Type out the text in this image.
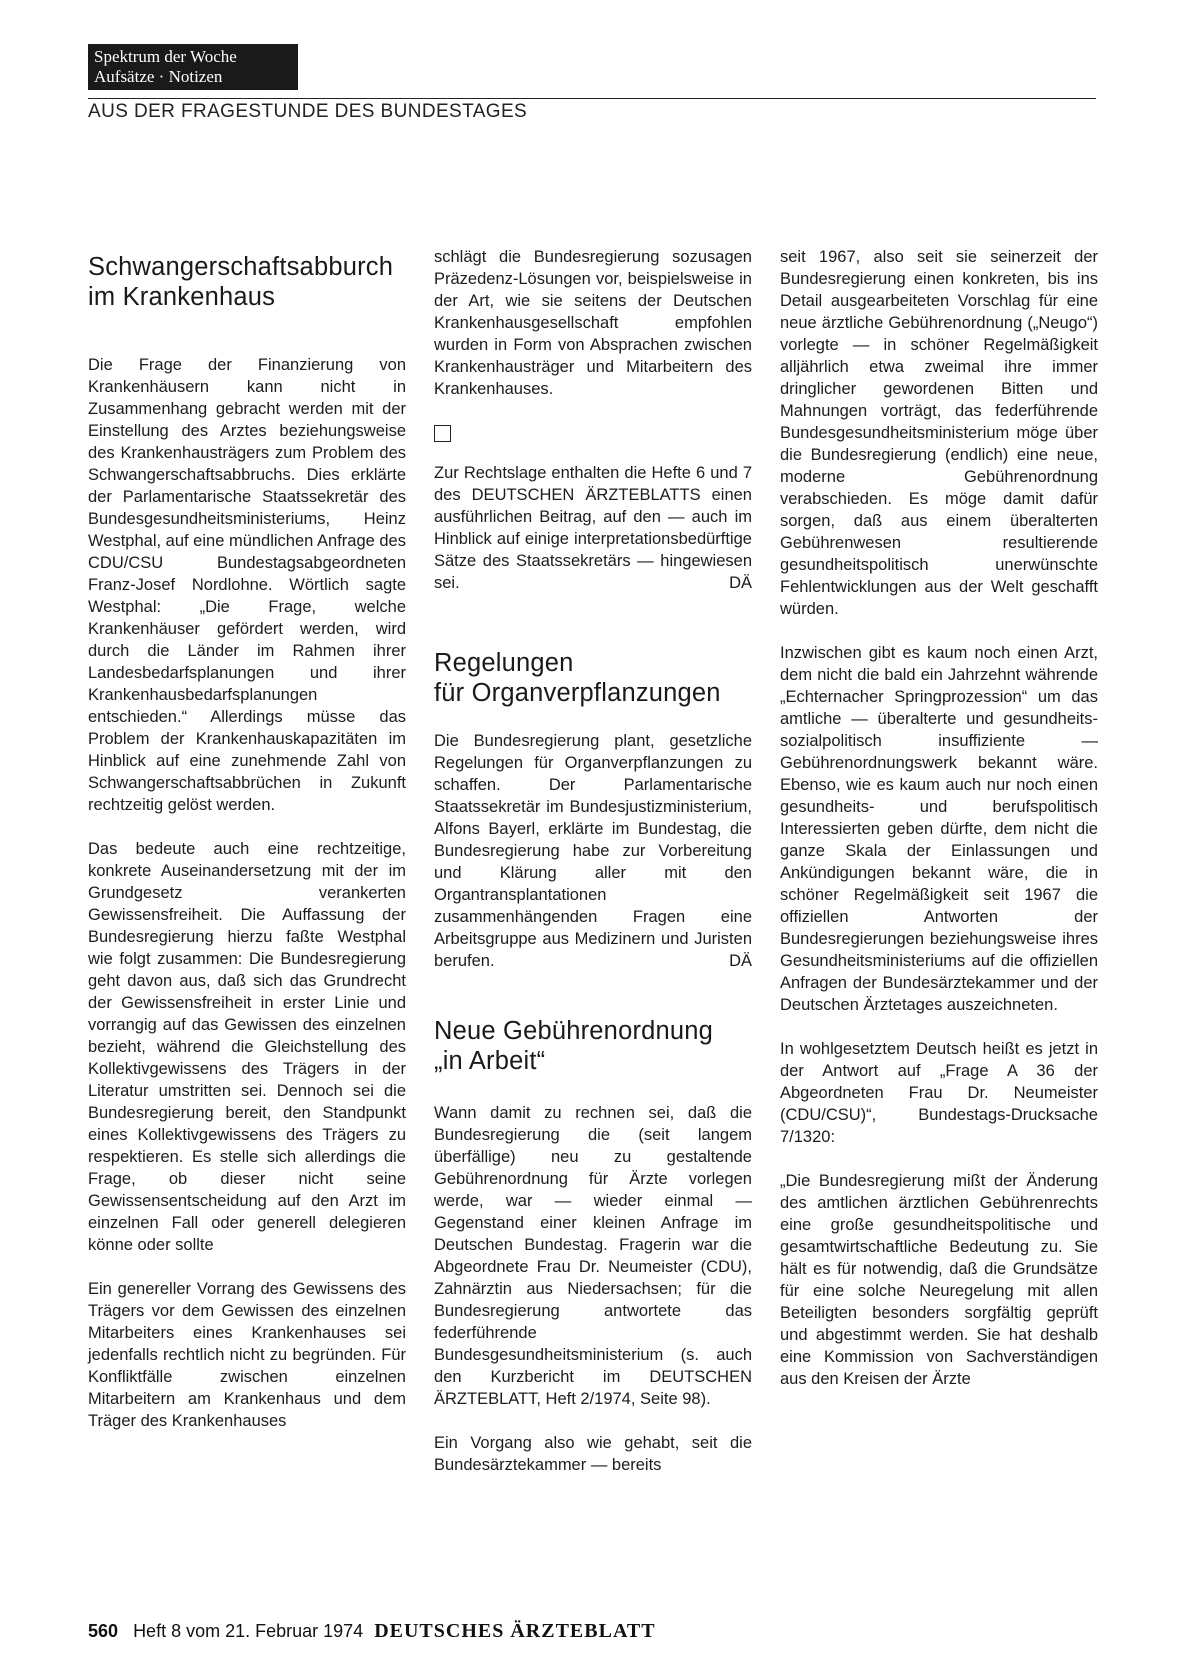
Spektrum der Woche
Aufsätze · Notizen
AUS DER FRAGESTUNDE DES BUNDESTAGES
Schwangerschaftsabburch
im Krankenhaus

Die Frage der Finanzierung von Krankenhäusern kann nicht in Zusammenhang gebracht werden mit der Einstellung des Arztes beziehungsweise des Krankenhausträgers zum Problem des Schwangerschaftsabbruchs. Dies erklärte der Parlamentarische Staatssekretär des Bundesgesundheitsministeriums, Heinz Westphal, auf eine mündlichen Anfrage des CDU/CSU Bundestagsabgeordneten Franz-Josef Nordlohne. Wörtlich sagte Westphal: „Die Frage, welche Krankenhäuser gefördert werden, wird durch die Länder im Rahmen ihrer Landesbedarfsplanungen und ihrer Krankenhausbedarfsplanungen entschieden.“ Allerdings müsse das Problem der Krankenhauskapazitäten im Hinblick auf eine zunehmende Zahl von Schwangerschaftsabbrüchen in Zukunft rechtzeitig gelöst werden.

Das bedeute auch eine rechtzeitige, konkrete Auseinandersetzung mit der im Grundgesetz verankerten Gewissensfreiheit. Die Auffassung der Bundesregierung hierzu faßte Westphal wie folgt zusammen: Die Bundesregierung geht davon aus, daß sich das Grundrecht der Gewissensfreiheit in erster Linie und vorrangig auf das Gewissen des einzelnen bezieht, während die Gleichstellung des Kollektivgewissens des Trägers in der Literatur umstritten sei. Dennoch sei die Bundesregierung bereit, den Standpunkt eines Kollektivgewissens des Trägers zu respektieren. Es stelle sich allerdings die Frage, ob dieser nicht seine Gewissensentscheidung auf den Arzt im einzelnen Fall oder generell delegieren könne oder sollte

Ein genereller Vorrang des Gewissens des Trägers vor dem Gewissen des einzelnen Mitarbeiters eines Krankenhauses sei jedenfalls rechtlich nicht zu begründen. Für Konfliktfälle zwischen einzelnen Mitarbeitern am Krankenhaus und dem Träger des Krankenhauses

schlägt die Bundesregierung sozusagen Präzedenz-Lösungen vor, beispielsweise in der Art, wie sie seitens der Deutschen Krankenhausgesellschaft empfohlen wurden in Form von Absprachen zwischen Krankenhausträger und Mitarbeitern des Krankenhauses.

Zur Rechtslage enthalten die Hefte 6 und 7 des DEUTSCHEN ÄRZTEBLATTS einen ausführlichen Beitrag, auf den — auch im Hinblick auf einige interpretationsbedürftige Sätze des Staatssekretärs — hingewiesen sei.	DÄ

Regelungen
für Organverpflanzungen

Die Bundesregierung plant, gesetzliche Regelungen für Organverpflanzungen zu schaffen. Der Parlamentarische Staatssekretär im Bundesjustizministerium, Alfons Bayerl, erklärte im Bundestag, die Bundesregierung habe zur Vorbereitung und Klärung aller mit den Organtransplantationen zusammenhängenden Fragen eine Arbeitsgruppe aus Medizinern und Juristen berufen.	DÄ

Neue Gebührenordnung
„in Arbeit“

Wann damit zu rechnen sei, daß die Bundesregierung die (seit langem überfällige) neu zu gestaltende Gebührenordnung für Ärzte vorlegen werde, war — wieder einmal — Gegenstand einer kleinen Anfrage im Deutschen Bundestag. Fragerin war die Abgeordnete Frau Dr. Neumeister (CDU), Zahnärztin aus Niedersachsen; für die Bundesregierung antwortete das federführende Bundesgesundheitsministerium (s. auch den Kurzbericht im DEUTSCHEN ÄRZTEBLATT, Heft 2/1974, Seite 98).

Ein Vorgang also wie gehabt, seit die Bundesärztekammer — bereits

seit 1967, also seit sie seinerzeit der Bundesregierung einen konkreten, bis ins Detail ausgearbeiteten Vorschlag für eine neue ärztliche Gebührenordnung („Neugo“) vorlegte — in schöner Regelmäßigkeit alljährlich etwa zweimal ihre immer dringlicher gewordenen Bitten und Mahnungen vorträgt, das federführende Bundesgesundheitsministerium möge über die Bundesregierung (endlich) eine neue, moderne Gebührenordnung verabschieden. Es möge damit dafür sorgen, daß aus einem überalterten Gebührenwesen resultierende gesundheitspolitisch unerwünschte Fehlentwicklungen aus der Welt geschafft würden.

Inzwischen gibt es kaum noch einen Arzt, dem nicht die bald ein Jahrzehnt währende „Echternacher Springprozession“ um das amtliche — überalterte und gesundheits-sozialpolitisch insuffiziente — Gebührenordnungswerk bekannt wäre. Ebenso, wie es kaum auch nur noch einen gesundheits- und berufspolitisch Interessierten geben dürfte, dem nicht die ganze Skala der Einlassungen und Ankündigungen bekannt wäre, die in schöner Regelmäßigkeit seit 1967 die offiziellen Antworten der Bundesregierungen beziehungsweise ihres Gesundheitsministeriums auf die offiziellen Anfragen der Bundesärztekammer und der Deutschen Ärztetages auszeichneten.

In wohlgesetztem Deutsch heißt es jetzt in der Antwort auf „Frage A 36 der Abgeordneten Frau Dr. Neumeister (CDU/CSU)“, Bundestags-Drucksache 7/1320:

„Die Bundesregierung mißt der Änderung des amtlichen ärztlichen Gebührenrechts eine große gesundheitspolitische und gesamtwirtschaftliche Bedeutung zu. Sie hält es für notwendig, daß die Grundsätze für eine solche Neuregelung mit allen Beteiligten besonders sorgfältig geprüft und abgestimmt werden. Sie hat deshalb eine Kommission von Sachverständigen aus den Kreisen der Ärzte

560 Heft 8 vom 21. Februar 1974 DEUTSCHES ÄRZTEBLATT
